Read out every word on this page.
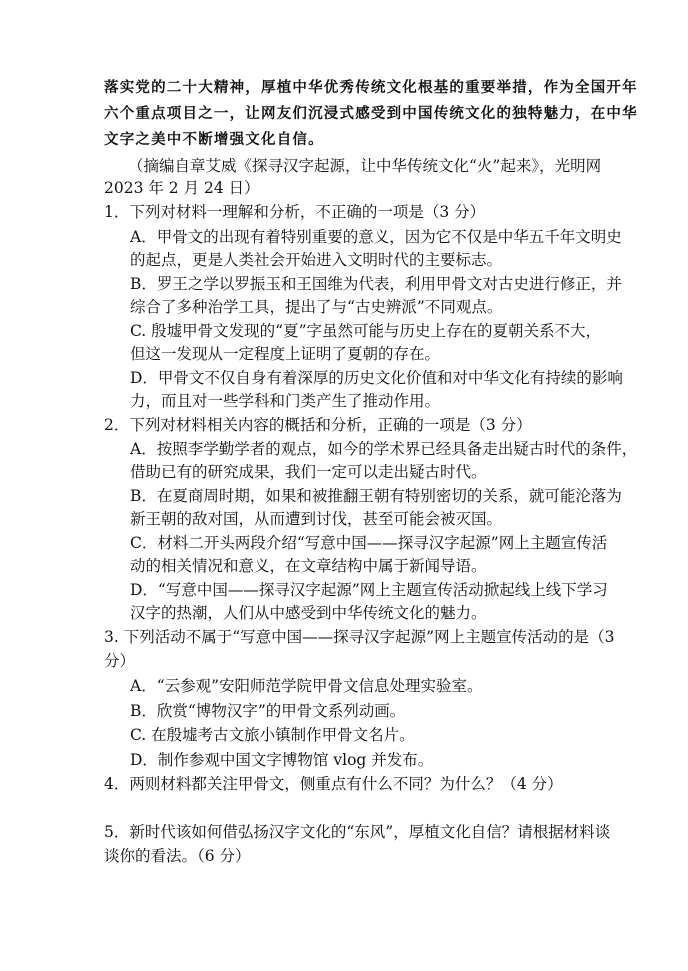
落实党的二十大精神，厚植中华优秀传统文化根基的重要举措，作为全国开年
六个重点项目之一，让网友们沉浸式感受到中国传统文化的独特魅力，在中华
文字之美中不断增强文化自信。
（摘编自章艾威《探寻汉字起源，让中华传统文化“火”起来》，光明网
2023 年 2 月 24 日）
1．下列对材料一理解和分析，不正确的一项是（3 分）
A．甲骨文的出现有着特别重要的意义，因为它不仅是中华五千年文明史
的起点，更是人类社会开始进入文明时代的主要标志。
B．罗王之学以罗振玉和王国维为代表，利用甲骨文对古史进行修正，并
综合了多种治学工具，提出了与“古史辨派”不同观点。
C. 殷墟甲骨文发现的“夏”字虽然可能与历史上存在的夏朝关系不大，
但这一发现从一定程度上证明了夏朝的存在。
D．甲骨文不仅自身有着深厚的历史文化价值和对中华文化有持续的影响
力，而且对一些学科和门类产生了推动作用。
2．下列对材料相关内容的概括和分析，正确的一项是（3 分）
A．按照李学勤学者的观点，如今的学术界已经具备走出疑古时代的条件，
借助已有的研究成果，我们一定可以走出疑古时代。
B．在夏商周时期，如果和被推翻王朝有特别密切的关系，就可能沦落为
新王朝的敌对国，从而遭到讨伐，甚至可能会被灭国。
C．材料二开头两段介绍“写意中国——探寻汉字起源”网上主题宣传活
动的相关情况和意义，在文章结构中属于新闻导语。
D．“写意中国——探寻汉字起源”网上主题宣传活动掀起线上线下学习
汉字的热潮，人们从中感受到中华传统文化的魅力。
3. 下列活动不属于“写意中国——探寻汉字起源”网上主题宣传活动的是（3
分）
A．“云参观”安阳师范学院甲骨文信息处理实验室。
B．欣赏“博物汉字”的甲骨文系列动画。
C. 在殷墟考古文旅小镇制作甲骨文名片。
D．制作参观中国文字博物馆 vlog 并发布。
4．两则材料都关注甲骨文，侧重点有什么不同？为什么？（4 分）
5．新时代该如何借弘扬汉字文化的“东风”，厚植文化自信？请根据材料谈
谈你的看法。（6 分）
